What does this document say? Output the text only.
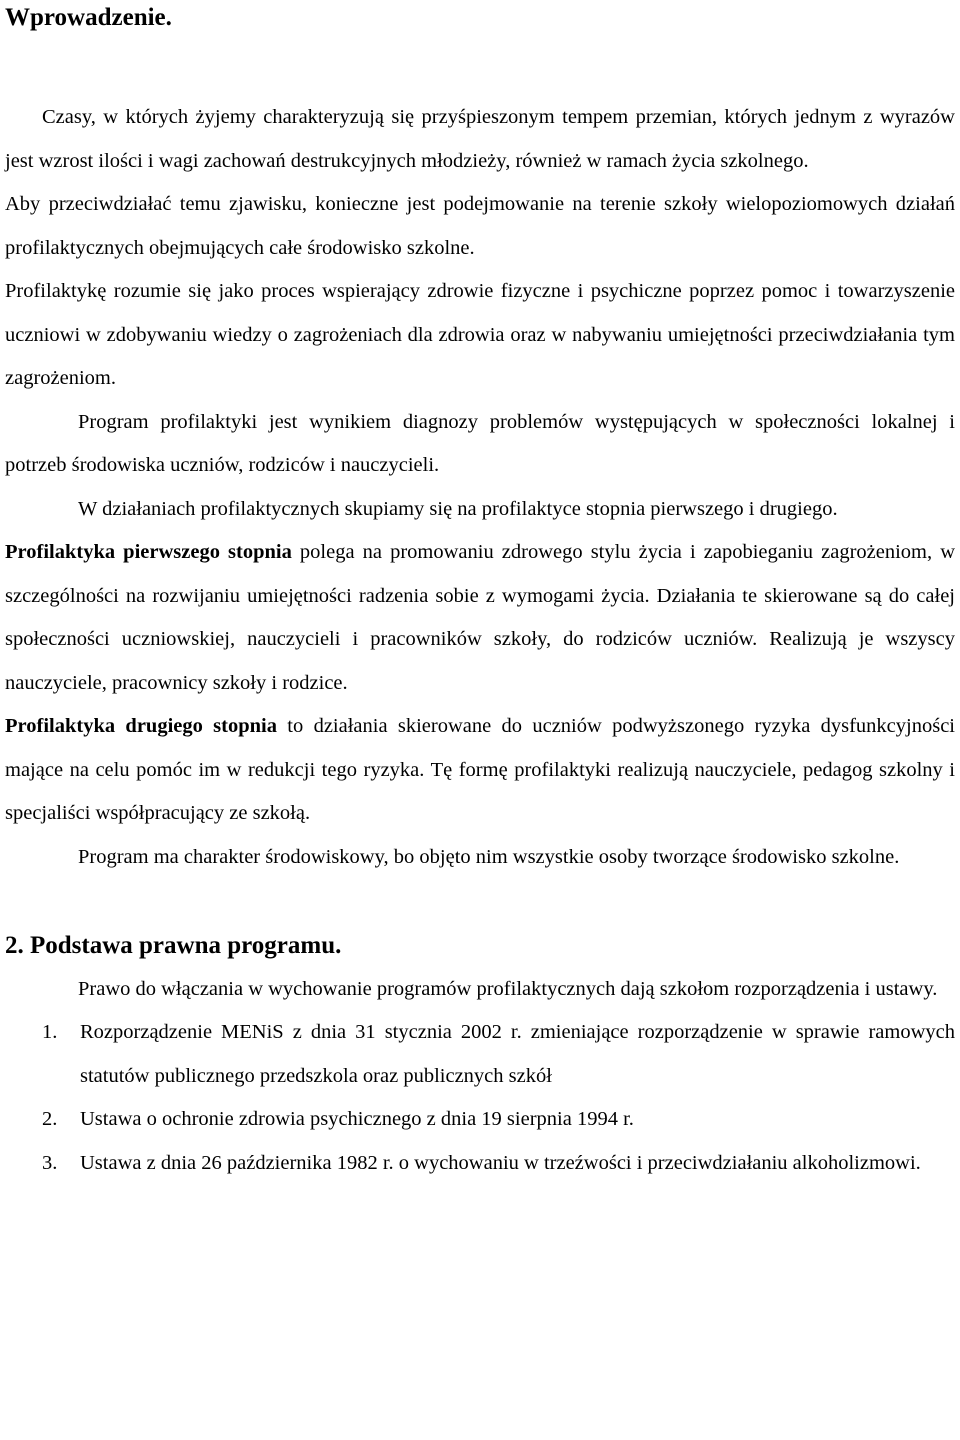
Wprowadzenie.

Czasy, w których żyjemy charakteryzują się przyśpieszonym tempem przemian, których jednym z wyrazów jest wzrost ilości i wagi zachowań destrukcyjnych młodzieży, również w ramach życia szkolnego.

Aby przeciwdziałać temu zjawisku, konieczne jest podejmowanie na terenie szkoły wielopoziomowych działań profilaktycznych obejmujących całe środowisko szkolne.

Profilaktykę rozumie się jako proces wspierający zdrowie fizyczne i psychiczne poprzez pomoc i towarzyszenie uczniowi w zdobywaniu wiedzy o zagrożeniach dla zdrowia oraz w nabywaniu umiejętności przeciwdziałania tym zagrożeniom.

Program profilaktyki jest wynikiem diagnozy problemów występujących w społeczności lokalnej i potrzeb środowiska uczniów, rodziców i nauczycieli.

W działaniach profilaktycznych skupiamy się na profilaktyce stopnia pierwszego i drugiego.

Profilaktyka pierwszego stopnia polega na promowaniu zdrowego stylu życia i zapobieganiu zagrożeniom, w szczególności na rozwijaniu umiejętności radzenia sobie z wymogami życia. Działania te skierowane są do całej społeczności uczniowskiej, nauczycieli i pracowników szkoły, do rodziców uczniów. Realizują je wszyscy nauczyciele, pracownicy szkoły i rodzice.

Profilaktyka drugiego stopnia to działania skierowane do uczniów podwyższonego ryzyka dysfunkcyjności mające na celu pomóc im w redukcji tego ryzyka. Tę formę profilaktyki realizują nauczyciele, pedagog szkolny i specjaliści współpracujący ze szkołą.

Program ma charakter środowiskowy, bo objęto nim wszystkie osoby tworzące środowisko szkolne.

2. Podstawa prawna programu.

Prawo do włączania w wychowanie programów profilaktycznych dają szkołom rozporządzenia i ustawy.

1. Rozporządzenie MENiS z dnia 31 stycznia 2002 r. zmieniające rozporządzenie w sprawie ramowych statutów publicznego przedszkola oraz publicznych szkół
2. Ustawa o ochronie zdrowia psychicznego z dnia 19 sierpnia 1994 r.
3. Ustawa z dnia 26 października 1982 r. o wychowaniu w trzeźwości i przeciwdziałaniu alkoholizmowi.
